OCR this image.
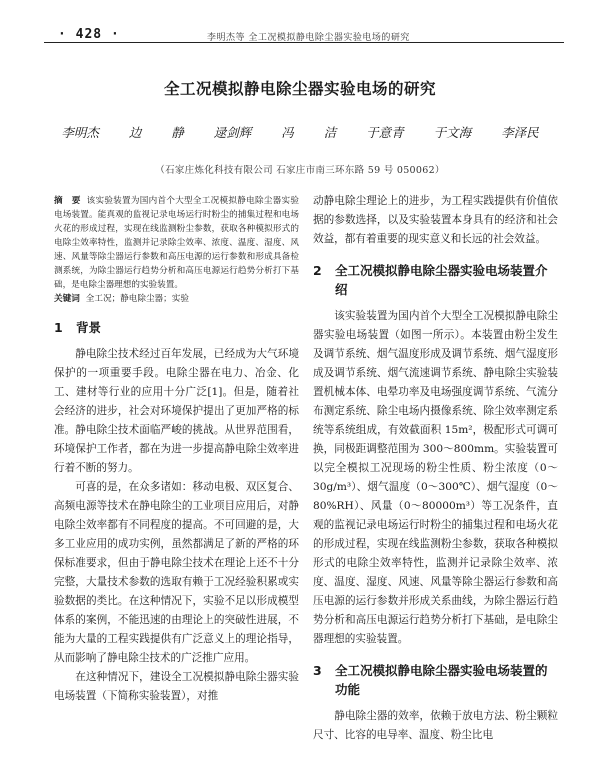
· 428 ·	李明杰等 全工况模拟静电除尘器实验电场的研究
全工况模拟静电除尘器实验电场的研究
李明杰 边 静 逯剑辉 冯 洁 于意青 于文海 李泽民
（石家庄炼化科技有限公司 石家庄市南三环东路 59 号 050062）
摘　要 该实验装置为国内首个大型全工况模拟静电除尘器实验电场装置。能真观的监视记录电场运行时粉尘的捕集过程和电场火花的形成过程，实现在线监测粉尘参数，获取各种模拟形式的电除尘效率特性，监测并记录除尘效率、浓度、温度、湿度、风速、风量等除尘器运行参数和高压电源的运行参数和形成具备检测系统，为除尘器运行趋势分析和高压电源运行趋势分析打下基础，是电除尘器理想的实验装置。
关键词 全工况；静电除尘器；实验
1 背景

静电除尘技术经过百年发展，已经成为大气环境保护的一项重要手段。电除尘器在电力、冶金、化工、建材等行业的应用十分广泛[1]。但是，随着社会经济的进步，社会对环境保护提出了更加严格的标准。静电除尘技术面临严峻的挑战。从世界范围看，环境保护工作者，都在为进一步提高静电除尘效率进行着不断的努力。

可喜的是，在众多诸如：移动电极、双区复合、高频电源等技术在静电除尘的工业项目应用后，对静电除尘效率都有不同程度的提高。不可回避的是，大多工业应用的成功实例，虽然都满足了新的严格的环保标准要求，但由于静电除尘技术在理论上还不十分完整，大量技术参数的选取有赖于工况经验积累或实验数据的类比。在这种情况下，实验不足以形成模型体系的案例，不能迅速的由理论上的突破性进展，不能为大量的工程实践提供有广泛意义上的理论指导，从而影响了静电除尘技术的广泛推广应用。

在这种情况下，建设全工况模拟静电除尘器实验电场装置（下简称实验装置），对推

动静电除尘理论上的进步，为工程实践提供有价值依据的参数选择，以及实验装置本身具有的经济和社会效益，都有着重要的现实意义和长远的社会效益。

2 全工况模拟静电除尘器实验电场装置介绍

该实验装置为国内首个大型全工况模拟静电除尘器实验电场装置（如图一所示）。本装置由粉尘发生及调节系统、烟气温度形成及调节系统、烟气湿度形成及调节系统、烟气流速调节系统、静电除尘实验装置机械本体、电晕功率及电场强度调节系统、气流分布测定系统、除尘电场内摄像系统、除尘效率测定系统等系统组成，有效截面积 15m²，极配形式可调可换，同极距调整范围为 300～800mm。实验装置可以完全模拟工况现场的粉尘性质、粉尘浓度（0～30g/m³）、烟气温度（0～300℃）、烟气湿度（0～80%RH）、风量（0～80000m³）等工况条件，直观的监视记录电场运行时粉尘的捕集过程和电场火花的形成过程，实现在线监测粉尘参数，获取各种模拟形式的电除尘效率特性，监测并记录除尘效率、浓度、温度、湿度、风速、风量等除尘器运行参数和高压电源的运行参数并形成关系曲线，为除尘器运行趋势分析和高压电源运行趋势分析打下基础，是电除尘器理想的实验装置。

3 全工况模拟静电除尘器实验电场装置的功能

静电除尘器的效率，依赖于放电方法、粉尘颗粒尺寸、比容的电导率、温度、粉尘比电
